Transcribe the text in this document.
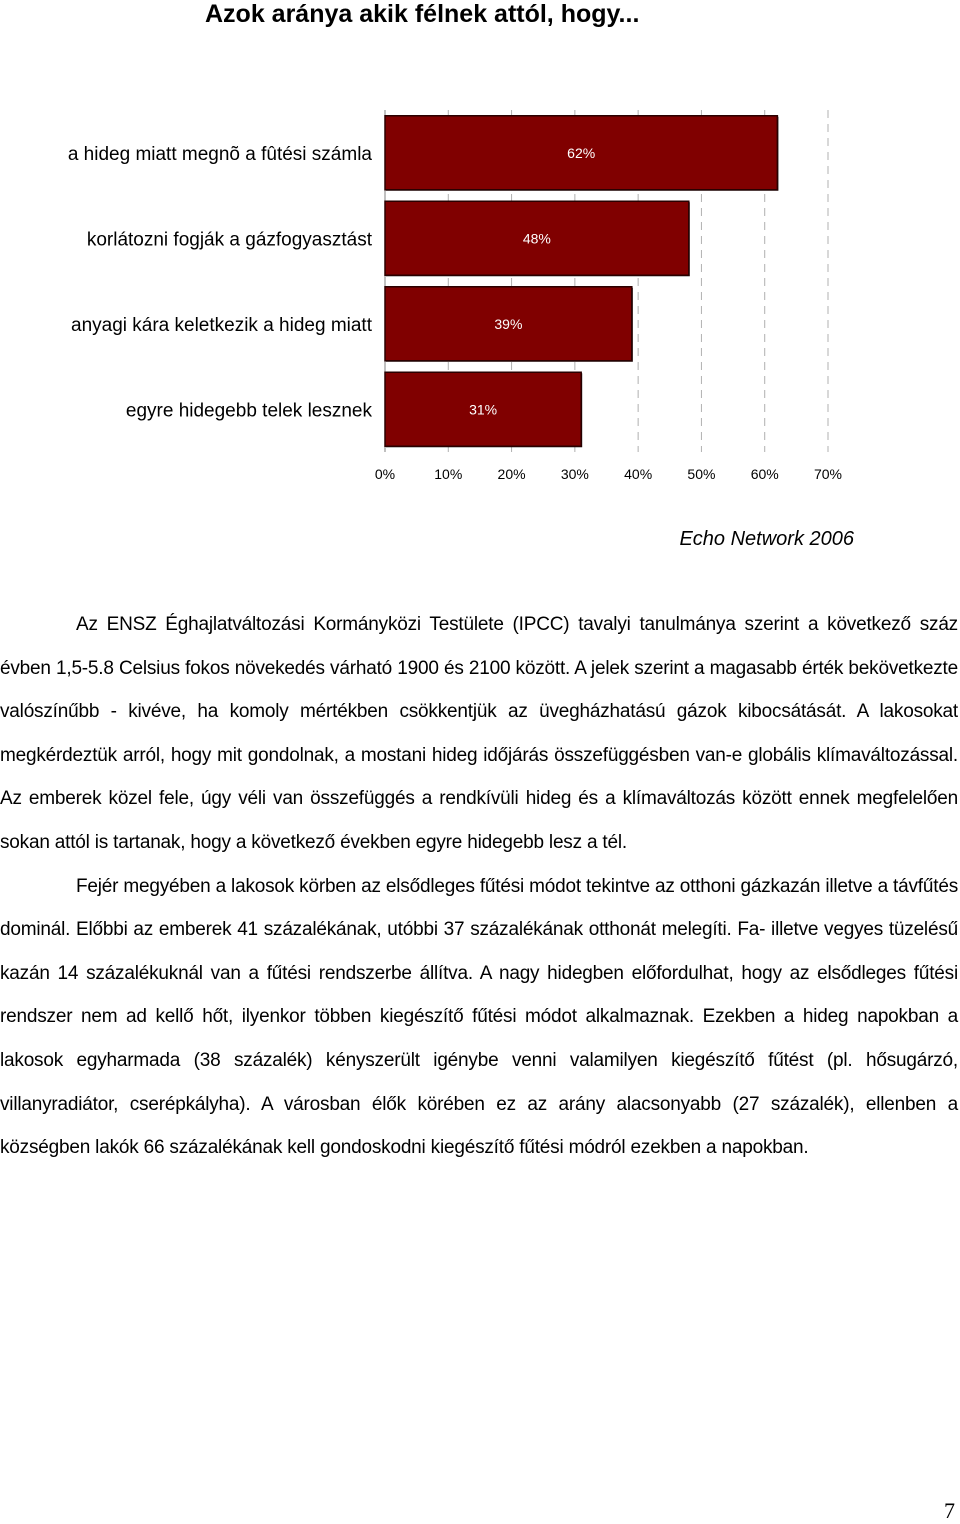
Azok aránya akik félnek attól, hogy...
a hideg miatt megnõ a fûtési számla
korlátozni fogják a gázfogyasztást
anyagi kára keletkezik a hideg miatt
egyre hidegebb telek lesznek
62%
48%
39%
31%
0%	10%	20%	30%	40%	50%	60%	70%
Echo Network 2006

Az ENSZ Éghajlatváltozási Kormányközi Testülete (IPCC) tavalyi tanulmánya szerint a következő száz évben 1,5-5.8 Celsius fokos növekedés várható 1900 és 2100 között. A jelek szerint a magasabb érték bekövetkezte valószínűbb - kivéve, ha komoly mértékben csökkentjük az üvegházhatású gázok kibocsátását. A lakosokat megkérdeztük arról, hogy mit gondolnak, a mostani hideg időjárás összefüggésben van-e globális klímaváltozással. Az emberek közel fele, úgy véli van összefüggés a rendkívüli hideg és a klímaváltozás között ennek megfelelően sokan attól is tartanak, hogy a következő években egyre hidegebb lesz a tél.

Fejér megyében a lakosok körben az elsődleges fűtési módot tekintve az otthoni gázkazán illetve a távfűtés dominál. Előbbi az emberek 41 százalékának, utóbbi 37 százalékának otthonát melegíti. Fa- illetve vegyes tüzelésű kazán 14 százalékuknál van a fűtési rendszerbe állítva. A nagy hidegben előfordulhat, hogy az elsődleges fűtési rendszer nem ad kellő hőt, ilyenkor többen kiegészítő fűtési módot alkalmaznak. Ezekben a hideg napokban a lakosok egyharmada (38 százalék) kényszerült igénybe venni valamilyen kiegészítő fűtést (pl. hősugárzó, villanyradiátor, cserépkályha). A városban élők körében ez az arány alacsonyabb (27 százalék), ellenben a községben lakók 66 százalékának kell gondoskodni kiegészítő fűtési módról ezekben a napokban.

7
